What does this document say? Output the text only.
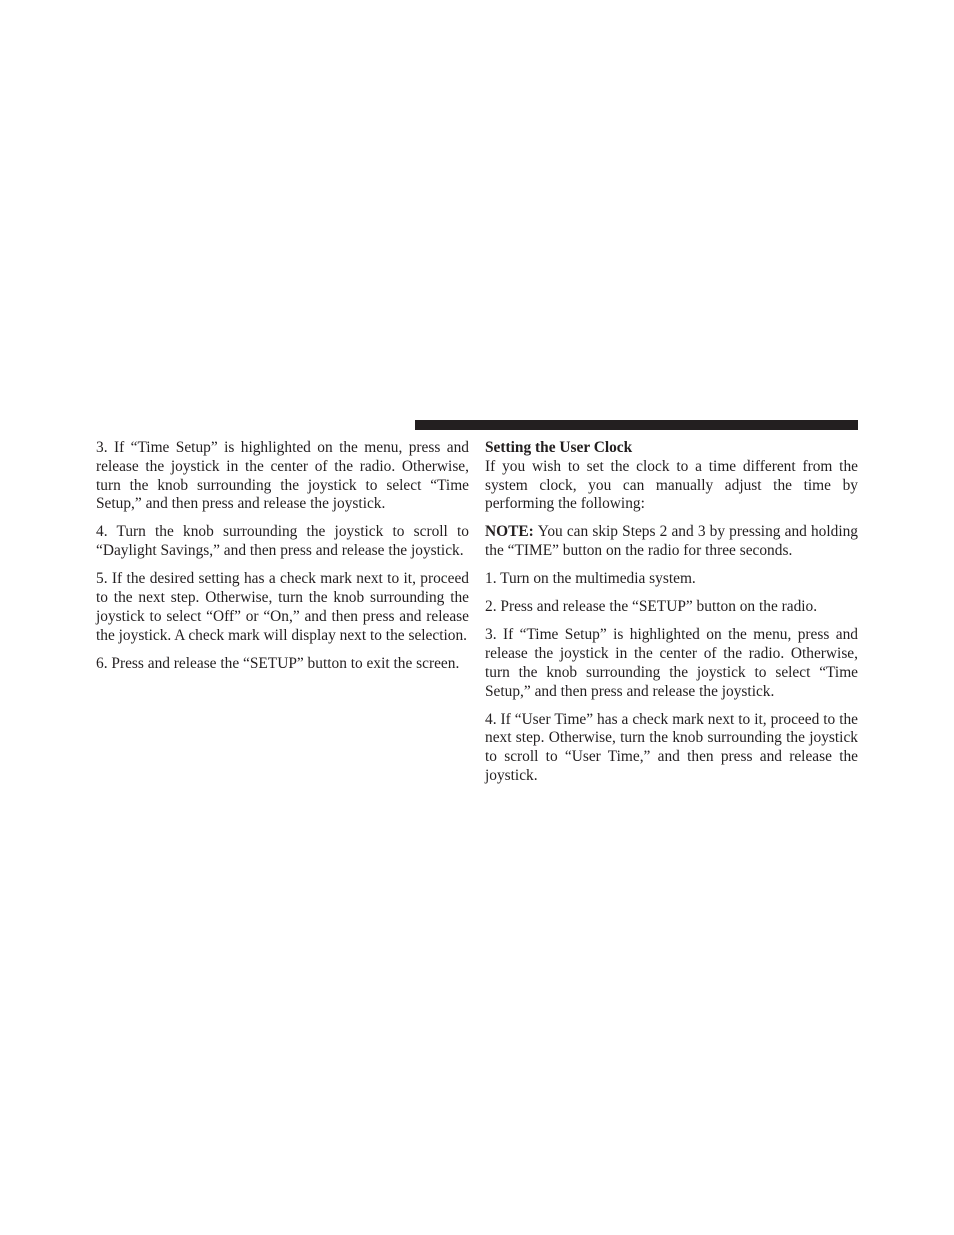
3. If “Time Setup” is highlighted on the menu, press and release the joystick in the center of the radio. Otherwise, turn the knob surrounding the joystick to select “Time Setup,” and then press and release the joystick.

4. Turn the knob surrounding the joystick to scroll to “Daylight Savings,” and then press and release the joystick.

5. If the desired setting has a check mark next to it, proceed to the next step. Otherwise, turn the knob surrounding the joystick to select “Off” or “On,” and then press and release the joystick. A check mark will display next to the selection.

6. Press and release the “SETUP” button to exit the screen.

Setting the User Clock

If you wish to set the clock to a time different from the system clock, you can manually adjust the time by performing the following:

NOTE: You can skip Steps 2 and 3 by pressing and holding the “TIME” button on the radio for three seconds.

1. Turn on the multimedia system.

2. Press and release the “SETUP” button on the radio.

3. If “Time Setup” is highlighted on the menu, press and release the joystick in the center of the radio. Otherwise, turn the knob surrounding the joystick to select “Time Setup,” and then press and release the joystick.

4. If “User Time” has a check mark next to it, proceed to the next step. Otherwise, turn the knob surrounding the joystick to scroll to “User Time,” and then press and release the joystick.
